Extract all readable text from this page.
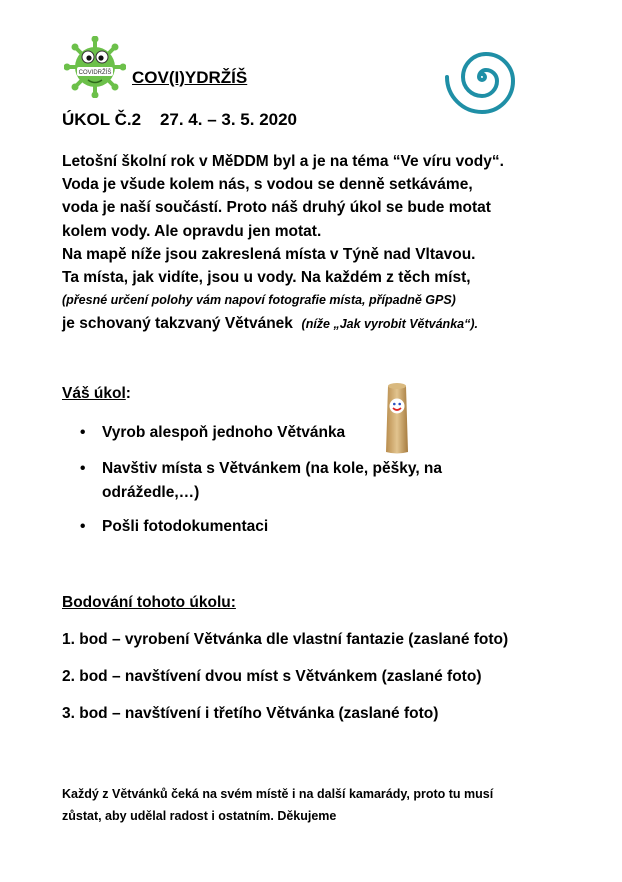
COVIDRŽÍŠ COV(I)YDRŽÍŠ
ÚKOL Č.2 27. 4. – 3. 5. 2020
Letošní školní rok v MěDDM byl a je na téma “Ve víru vody“.
Voda je všude kolem nás, s vodou se denně setkáváme,
voda je naší součástí. Proto náš druhý úkol se bude motat
kolem vody. Ale opravdu jen motat.
Na mapě níže jsou zakreslená místa v Týně nad Vltavou.
Ta místa, jak vidíte, jsou u vody. Na každém z těch míst,
(přesné určení polohy vám napoví fotografie místa, případně GPS)
je schovaný takzvaný Větvánek (níže „Jak vyrobit Větvánka“).
Váš úkol:
• Vyrob alespoň jednoho Větvánka
• Navštiv místa s Větvánkem (na kole, pěšky, na odrážedle,…)
• Pošli fotodokumentaci
Bodování tohoto úkolu:
1. bod – vyrobení Větvánka dle vlastní fantazie (zaslané foto)
2. bod – navštívení dvou míst s Větvánkem (zaslané foto)
3. bod – navštívení i třetího Větvánka (zaslané foto)
Každý z Větvánků čeká na svém místě i na další kamarády, proto tu musí
zůstat, aby udělal radost i ostatním. Děkujeme
